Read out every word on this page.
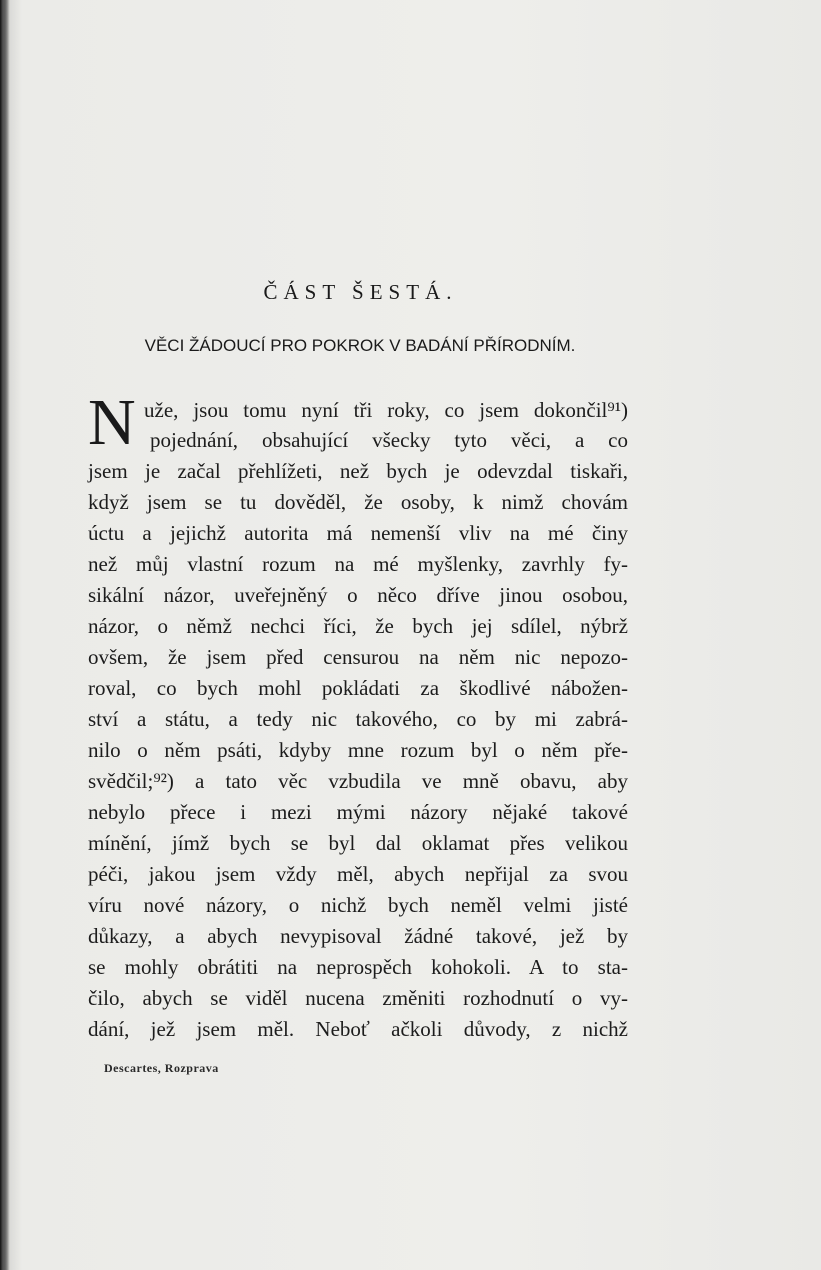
ČÁST ŠESTÁ.
VĚCI ŽÁDOUCÍ PRO POKROK V BADÁNÍ PŘÍRODNÍM.
N uže, jsou tomu nyní tři roky, co jsem dokončil⁹¹)
pojednání, obsahující všecky tyto věci, a co
jsem je začal přehlížeti, než bych je odevzdal tiskaři,
když jsem se tu dověděl, že osoby, k nimž chovám
úctu a jejichž autorita má nemenší vliv na mé činy
než můj vlastní rozum na mé myšlenky, zavrhly fy-
sikální názor, uveřejněný o něco dříve jinou osobou,
názor, o němž nechci říci, že bych jej sdílel, nýbrž
ovšem, že jsem před censurou na něm nic nepozo-
roval, co bych mohl pokládati za škodlivé nábožen-
ství a státu, a tedy nic takového, co by mi zabrá-
nilo o něm psáti, kdyby mne rozum byl o něm pře-
svědčil;⁹²) a tato věc vzbudila ve mně obavu, aby
nebylo přece i mezi mými názory nějaké takové
mínění, jímž bych se byl dal oklamat přes velikou
péči, jakou jsem vždy měl, abych nepřijal za svou
víru nové názory, o nichž bych neměl velmi jisté
důkazy, a abych nevypisoval žádné takové, jež by
se mohly obrátiti na neprospěch kohokoli. A to sta-
čilo, abych se viděl nucena změniti rozhodnutí o vy-
dání, jež jsem měl. Neboť ačkoli důvody, z nichž
Descartes, Rozprava
